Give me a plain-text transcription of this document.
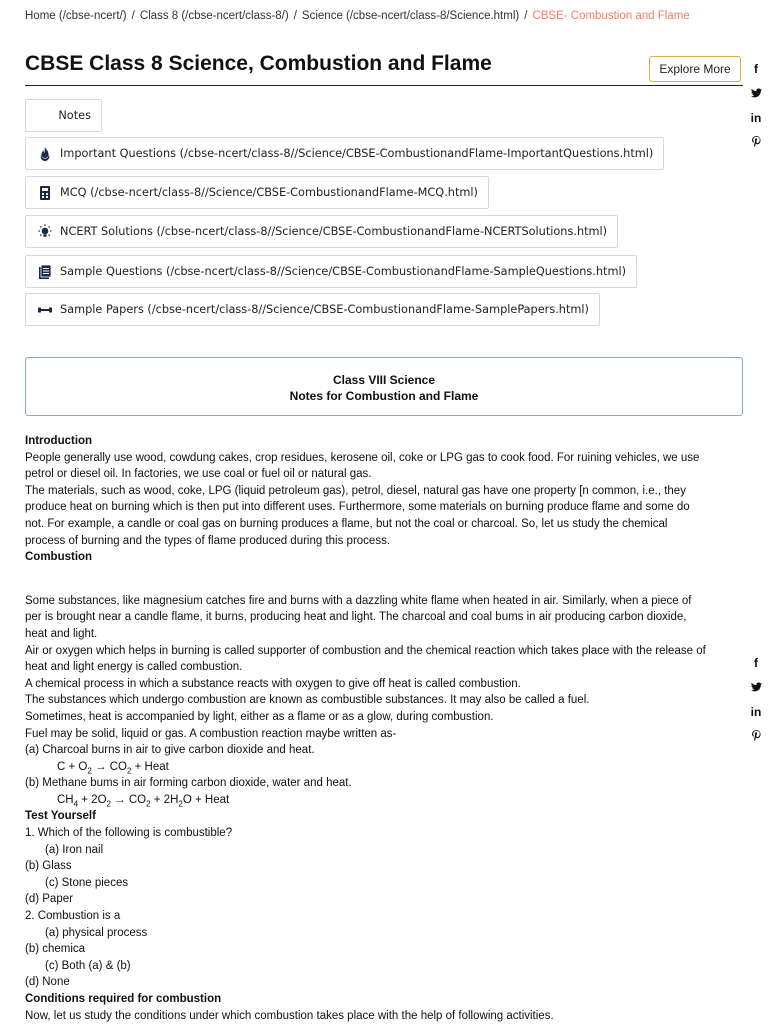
Home (/cbse-ncert/) / Class 8 (/cbse-ncert/class-8/) / Science (/cbse-ncert/class-8/Science.html) / CBSE- Combustion and Flame
CBSE Class 8 Science, Combustion and Flame	Explore More	f
in
Notes
Important Questions (/cbse-ncert/class-8//Science/CBSE-CombustionandFlame-ImportantQuestions.html)
MCQ (/cbse-ncert/class-8//Science/CBSE-CombustionandFlame-MCQ.html)
NCERT Solutions (/cbse-ncert/class-8//Science/CBSE-CombustionandFlame-NCERTSolutions.html)
Sample Questions (/cbse-ncert/class-8//Science/CBSE-CombustionandFlame-SampleQuestions.html)
Sample Papers (/cbse-ncert/class-8//Science/CBSE-CombustionandFlame-SamplePapers.html)
Class VIII Science
Notes for Combustion and Flame

Introduction

People generally use wood, cowdung cakes, crop residues, kerosene oil, coke or LPG gas to cook food. For ruining vehicles, we use petrol or diesel oil. In factories, we use coal or fuel oil or natural gas.

The materials, such as wood, coke, LPG (liquid petroleum gas), petrol, diesel, natural gas have one property [n common, i.e., they produce heat on burning which is then put into different uses. Furthermore, some materials on burning produce flame and some do not. For example, a candle or coal gas on burning produces a flame, but not the coal or charcoal. So, let us study the chemical process of burning and the types of flame produced during this process.

Combustion

Some substances, like magnesium catches fire and burns with a dazzling white flame when heated in air. Similarly, when a piece of per is brought near a candle flame, it burns, producing heat and light. The charcoal and coal bums in air producing carbon dioxide, heat and light.

Air or oxygen which helps in burning is called supporter of combustion and the chemical reaction which takes place with the release of heat and light energy is called combustion.

A chemical process in which a substance reacts with oxygen to give off heat is called combustion.

The substances which undergo combustion are known as combustible substances. It may also be called a fuel.

Sometimes, heat is accompanied by light, either as a flame or as a glow, during combustion.

Fuel may be solid, liquid or gas. A combustion reaction maybe written as-

(a) Charcoal burns in air to give carbon dioxide and heat.

$C + O_2 \to CO_2$ + Heat

(b) Methane bums in air forming carbon dioxide, water and heat.

$CH_4 + 2O_2 \to CO_2 + 2H_2O$ + Heat

Test Yourself

1. Which of the following is combustible?

(a) Iron nail

(b) Glass

(c) Stone pieces

(d) Paper

2. Combustion is a

(a) physical process

(b) chemica

(c) Both (a) & (b)

(d) None

Conditions required for combustion

Now, let us study the conditions under which combustion takes place with the help of following activities.

f
in
